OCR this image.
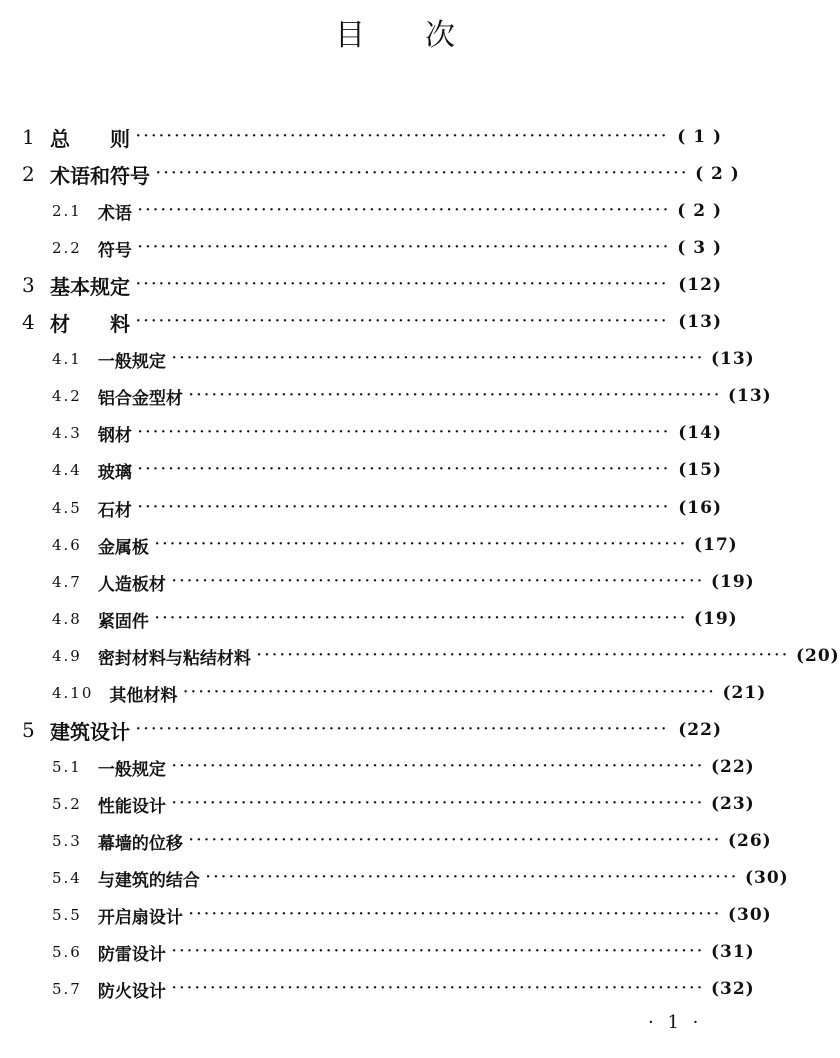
目次
1 总则
····································································· ( 1 )
2 术语和符号 ····································································· ( 2 )
2.1 术语 ····································································· ( 2 )
2.2 符号 ····································································· ( 3 )
3 基本规定 ····································································· (12)
4 材料
····································································· (13)
4.1 一般规定 ····································································· (13)
4.2 铝合金型材 ····································································· (13)
4.3 钢材 ····································································· (14)
4.4 玻璃 ····································································· (15)
4.5 石材 ····································································· (16)
4.6 金属板 ····································································· (17)
4.7 人造板材 ····································································· (19)
4.8 紧固件 ····································································· (19)
4.9 密封材料与粘结材料 ····································································· (20)
4.10 其他材料 ····································································· (21)
5 建筑设计 ····································································· (22)
5.1 一般规定 ····································································· (22)
5.2 性能设计 ····································································· (23)
5.3 幕墙的位移 ····································································· (26)
5.4 与建筑的结合 ····································································· (30)
5.5 开启扇设计 ····································································· (30)
5.6 防雷设计 ····································································· (31)
5.7 防火设计 ····································································· (32)
· 1 ·
